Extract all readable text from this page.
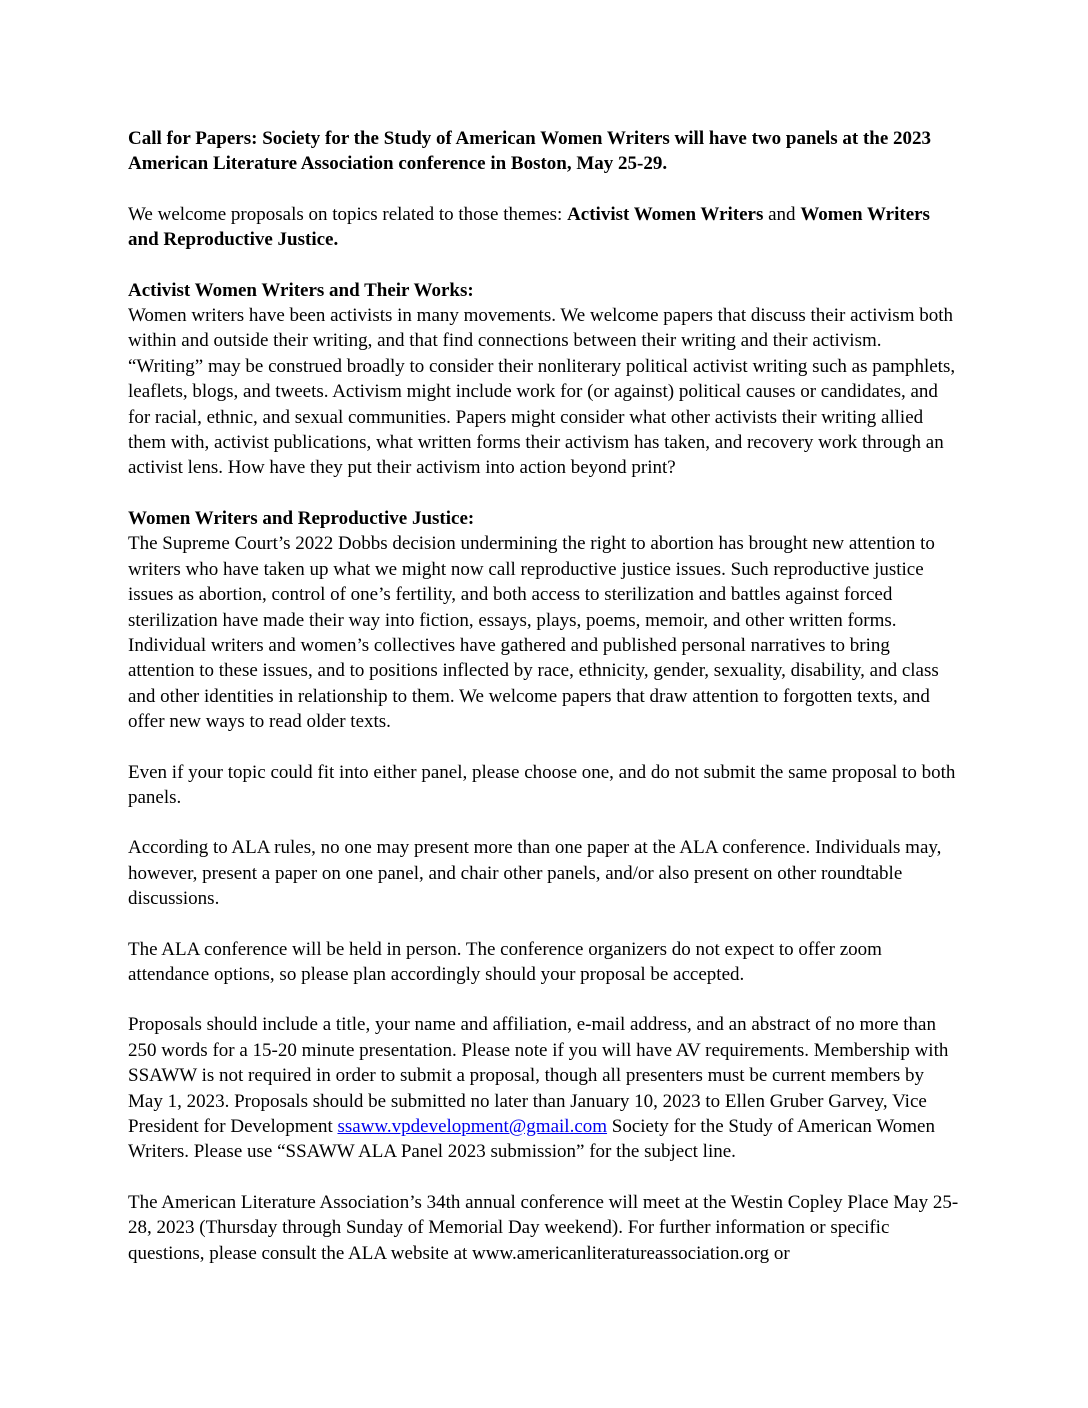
Call for Papers: Society for the Study of American Women Writers will have two panels at the 2023 American Literature Association conference in Boston, May 25-29.

We welcome proposals on topics related to those themes: Activist Women Writers and Women Writers and Reproductive Justice.

Activist Women Writers and Their Works:

Women writers have been activists in many movements. We welcome papers that discuss their activism both within and outside their writing, and that find connections between their writing and their activism. “Writing” may be construed broadly to consider their nonliterary political activist writing such as pamphlets, leaflets, blogs, and tweets. Activism might include work for (or against) political causes or candidates, and for racial, ethnic, and sexual communities. Papers might consider what other activists their writing allied them with, activist publications, what written forms their activism has taken, and recovery work through an activist lens. How have they put their activism into action beyond print?

Women Writers and Reproductive Justice:

The Supreme Court’s 2022 Dobbs decision undermining the right to abortion has brought new attention to writers who have taken up what we might now call reproductive justice issues. Such reproductive justice issues as abortion, control of one’s fertility, and both access to sterilization and battles against forced sterilization have made their way into fiction, essays, plays, poems, memoir, and other written forms. Individual writers and women’s collectives have gathered and published personal narratives to bring attention to these issues, and to positions inflected by race, ethnicity, gender, sexuality, disability, and class and other identities in relationship to them. We welcome papers that draw attention to forgotten texts, and offer new ways to read older texts.

Even if your topic could fit into either panel, please choose one, and do not submit the same proposal to both panels.

According to ALA rules, no one may present more than one paper at the ALA conference. Individuals may, however, present a paper on one panel, and chair other panels, and/or also present on other roundtable discussions.

The ALA conference will be held in person. The conference organizers do not expect to offer zoom attendance options, so please plan accordingly should your proposal be accepted.

Proposals should include a title, your name and affiliation, e-mail address, and an abstract of no more than 250 words for a 15-20 minute presentation. Please note if you will have AV requirements. Membership with SSAWW is not required in order to submit a proposal, though all presenters must be current members by May 1, 2023. Proposals should be submitted no later than January 10, 2023 to Ellen Gruber Garvey, Vice President for Development ssaww.vpdevelopment@gmail.com Society for the Study of American Women Writers. Please use “SSAWW ALA Panel 2023 submission” for the subject line.

The American Literature Association’s 34th annual conference will meet at the Westin Copley Place May 25-28, 2023 (Thursday through Sunday of Memorial Day weekend). For further information or specific questions, please consult the ALA website at www.americanliteratureassociation.org or
